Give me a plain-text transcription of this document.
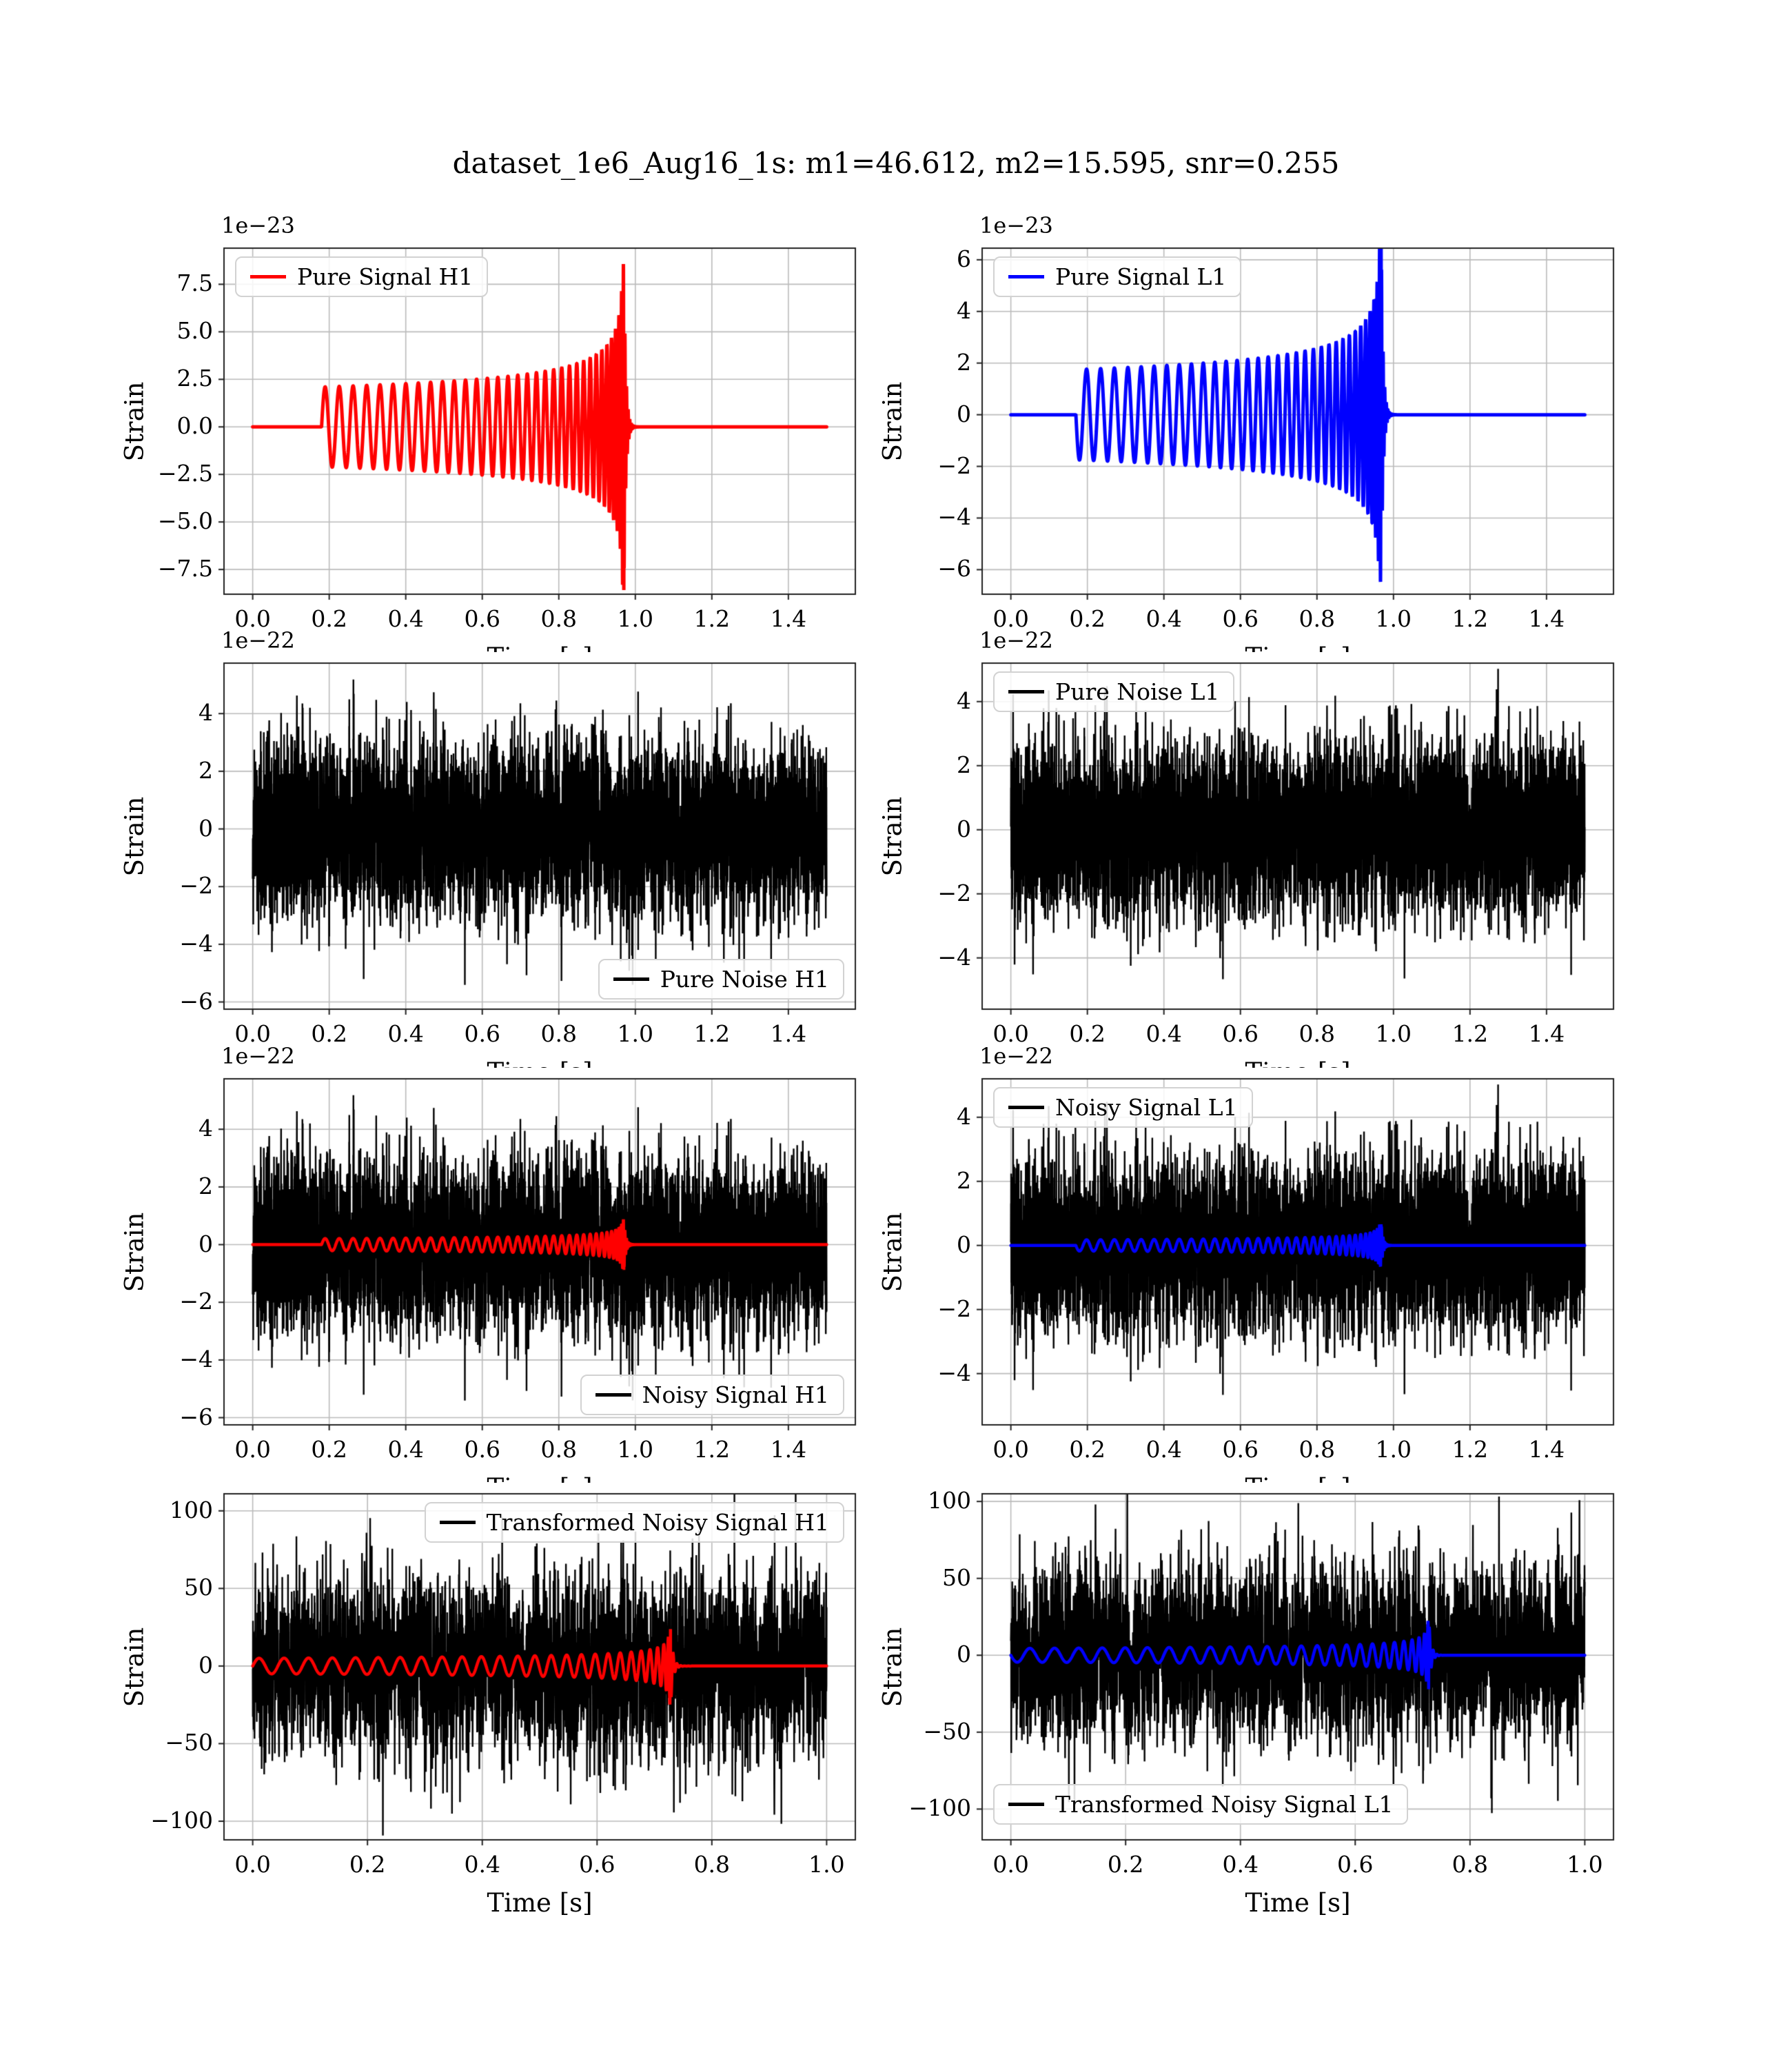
dataset_1e6_Aug16_1s: m1=46.612, m2=15.595, snr=0.255
1e−23
Strain
Pure Signal H1
0.0	0.2	0.4	0.6	0.8	1.0	1.2	1.4
7.5
5.0
2.5
0.0
−2.5
−5.0
−7.5
1e−23
Strain
Pure Signal L1
0.0	0.2	0.4	0.6	0.8	1.0	1.2	1.4
6
4
2
0
−2
−4
−6
1e−22
Strain
Pure Noise H1
0.0	0.2	0.4	0.6	0.8	1.0	1.2	1.4
4
2
0
−2
−4
−6
1e−22
Strain
Pure Noise L1
0.0	0.2	0.4	0.6	0.8	1.0	1.2	1.4
4
2
0
−2
−4
1e−22
Strain
Noisy Signal H1
0.0	0.2	0.4	0.6	0.8	1.0	1.2	1.4
4
2
0
−2
−4
−6
1e−22
Strain
Noisy Signal L1
0.0	0.2	0.4	0.6	0.8	1.0	1.2	1.4
4
2
0
−2
−4
Strain
Time [s]
Transformed Noisy Signal H1
0.0	0.2	0.4	0.6	0.8	1.0
100
50
0
−50
−100
Strain
Time [s]
Transformed Noisy Signal L1
0.0	0.2	0.4	0.6	0.8	1.0
100
50
0
−50
−100
